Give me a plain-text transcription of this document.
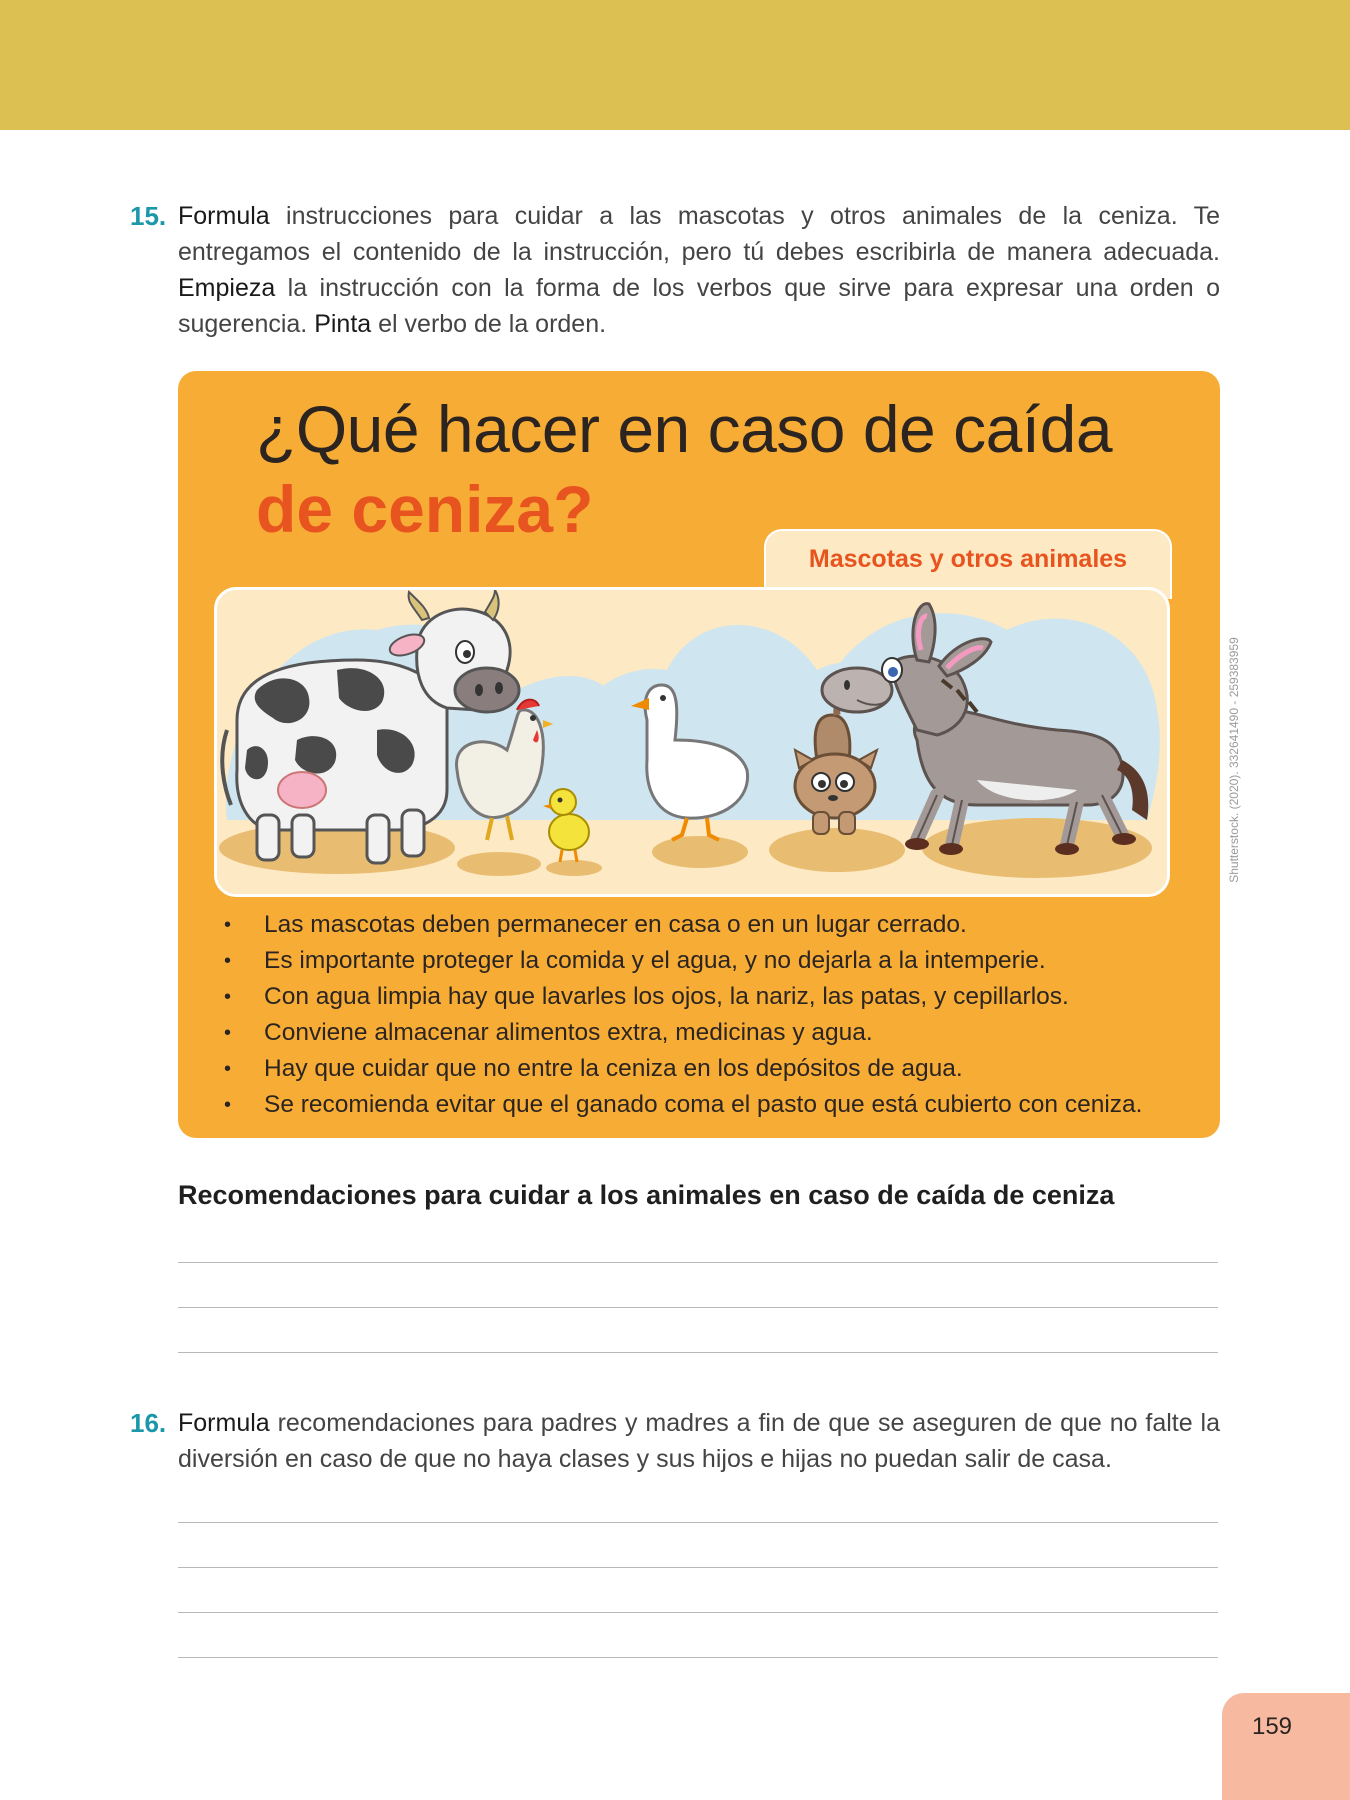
15. Formula instrucciones para cuidar a las mascotas y otros animales de la ceniza. Te entregamos el contenido de la instrucción, pero tú debes escribirla de manera adecuada. Empieza la instrucción con la forma de los verbos que sirve para expresar una orden o sugerencia. Pinta el verbo de la orden.

¿Qué hacer en caso de caída
de ceniza?
Mascotas y otros animales
• Las mascotas deben permanecer en casa o en un lugar cerrado.
• Es importante proteger la comida y el agua, y no dejarla a la intemperie.
• Con agua limpia hay que lavarles los ojos, la nariz, las patas, y cepillarlos.
• Conviene almacenar alimentos extra, medicinas y agua.
• Hay que cuidar que no entre la ceniza en los depósitos de agua.
• Se recomienda evitar que el ganado coma el pasto que está cubierto con ceniza.
Shutterstock. (2020). 332641490 - 259383959
Recomendaciones para cuidar a los animales en caso de caída de ceniza
16. Formula recomendaciones para padres y madres a fin de que se aseguren de que no falte la diversión en caso de que no haya clases y sus hijos e hijas no puedan salir de casa.

159
